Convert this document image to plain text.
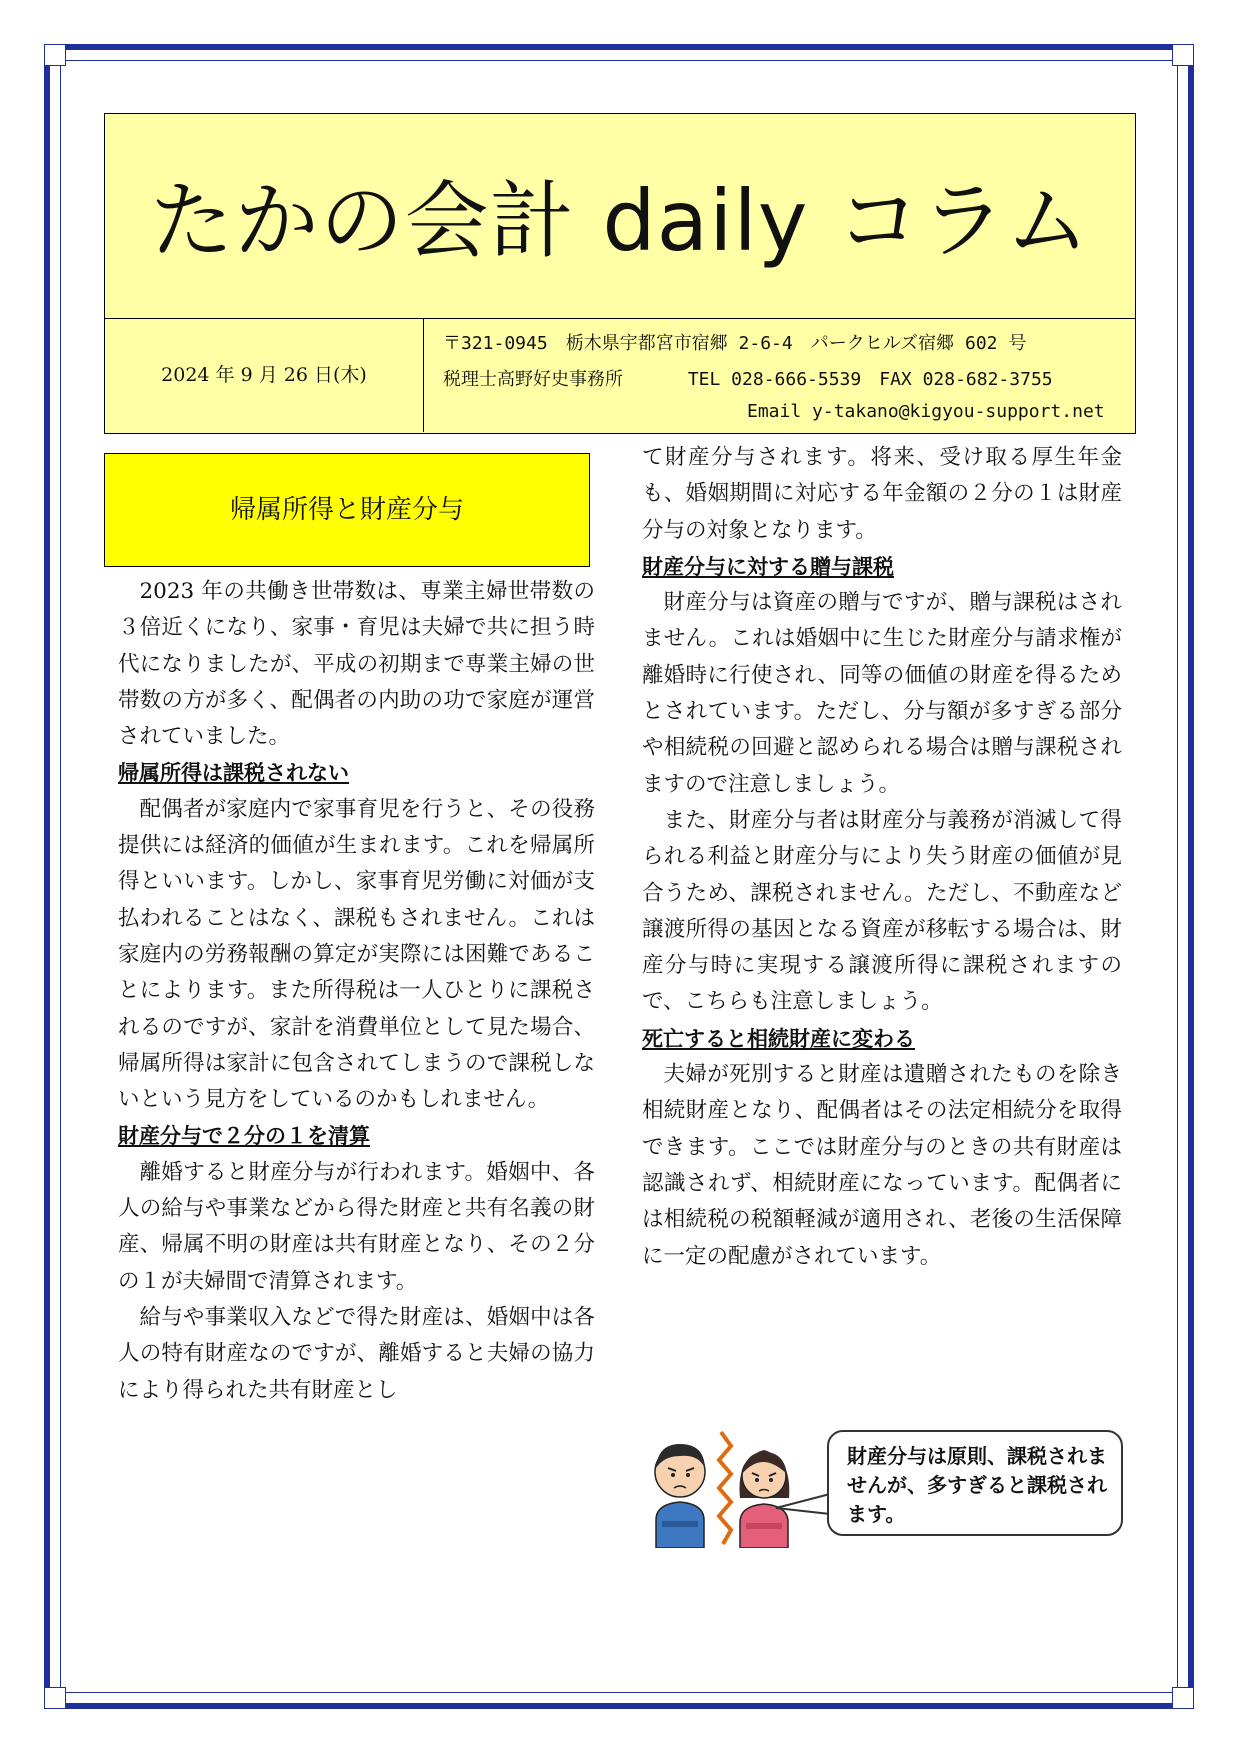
たかの会計 daily コラム
2024 年 9 月 26 日(木)
〒321-0945　栃木県宇都宮市宿郷 2-6-4　パークヒルズ宿郷 602 号
税理士高野好史事務所　　　 TEL 028-666-5539　FAX 028-682-3755
Email y-takano@kigyou-support.net
帰属所得と財産分与

2023 年の共働き世帯数は、専業主婦世帯数の３倍近くになり、家事・育児は夫婦で共に担う時代になりましたが、平成の初期まで専業主婦の世帯数の方が多く、配偶者の内助の功で家庭が運営されていました。

帰属所得は課税されない

配偶者が家庭内で家事育児を行うと、その役務提供には経済的価値が生まれます。これを帰属所得といいます。しかし、家事育児労働に対価が支払われることはなく、課税もされません。これは家庭内の労務報酬の算定が実際には困難であることによります。また所得税は一人ひとりに課税されるのですが、家計を消費単位として見た場合、帰属所得は家計に包含されてしまうので課税しないという見方をしているのかもしれません。

財産分与で２分の１を清算

離婚すると財産分与が行われます。婚姻中、各人の給与や事業などから得た財産と共有名義の財産、帰属不明の財産は共有財産となり、その２分の１が夫婦間で清算されます。

給与や事業収入などで得た財産は、婚姻中は各人の特有財産なのですが、離婚すると夫婦の協力により得られた共有財産とし

て財産分与されます。将来、受け取る厚生年金も、婚姻期間に対応する年金額の２分の１は財産分与の対象となります。

財産分与に対する贈与課税

財産分与は資産の贈与ですが、贈与課税はされません。これは婚姻中に生じた財産分与請求権が離婚時に行使され、同等の価値の財産を得るためとされています。ただし、分与額が多すぎる部分や相続税の回避と認められる場合は贈与課税されますので注意しましょう。

また、財産分与者は財産分与義務が消滅して得られる利益と財産分与により失う財産の価値が見合うため、課税されません。ただし、不動産など譲渡所得の基因となる資産が移転する場合は、財産分与時に実現する譲渡所得に課税されますので、こちらも注意しましょう。

死亡すると相続財産に変わる

夫婦が死別すると財産は遺贈されたものを除き相続財産となり、配偶者はその法定相続分を取得できます。ここでは財産分与のときの共有財産は認識されず、相続財産になっています。配偶者には相続税の税額軽減が適用され、老後の生活保障に一定の配慮がされています。

財産分与は原則、課税されませんが、多すぎると課税されます。
